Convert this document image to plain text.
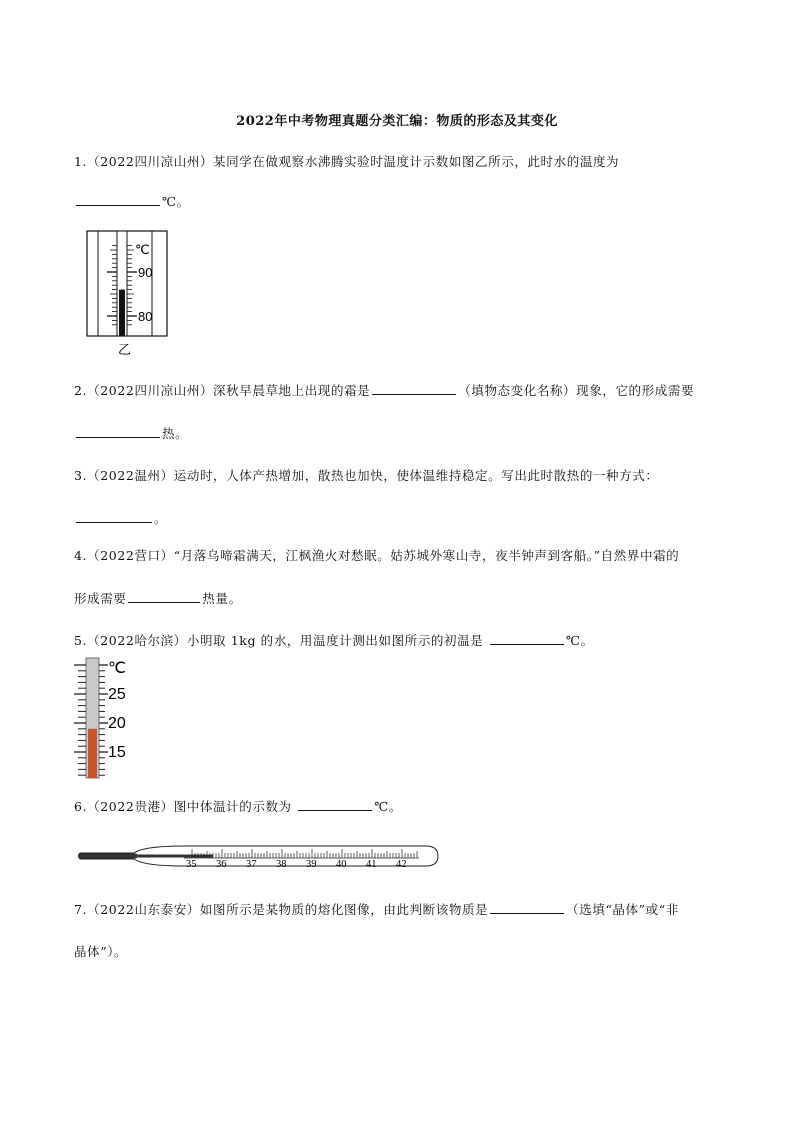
2022年中考物理真题分类汇编：物质的形态及其变化
1.（2022四川凉山州）某同学在做观察水沸腾实验时温度计示数如图乙所示，此时水的温度为
℃。
℃
90
80
乙
2.（2022四川凉山州）深秋早晨草地上出现的霜是	（填物态变化名称）现象，它的形成需要
热。
3.（2022温州）运动时，人体产热增加，散热也加快，使体温维持稳定。写出此时散热的一种方式：
。
4.（2022营口）“月落乌啼霜满天，江枫渔火对愁眠。姑苏城外寒山寺，夜半钟声到客船。”自然界中霜的
形成需要	热量。
5.（2022哈尔滨）小明取 1kg 的水，用温度计测出如图所示的初温是	℃。
℃
25
20
15
6.（2022贵港）图中体温计的示数为	℃。
35 36 37 38 39 40 41 42
7.（2022山东泰安）如图所示是某物质的熔化图像，由此判断该物质是	（选填“晶体”或“非
晶体”）。
